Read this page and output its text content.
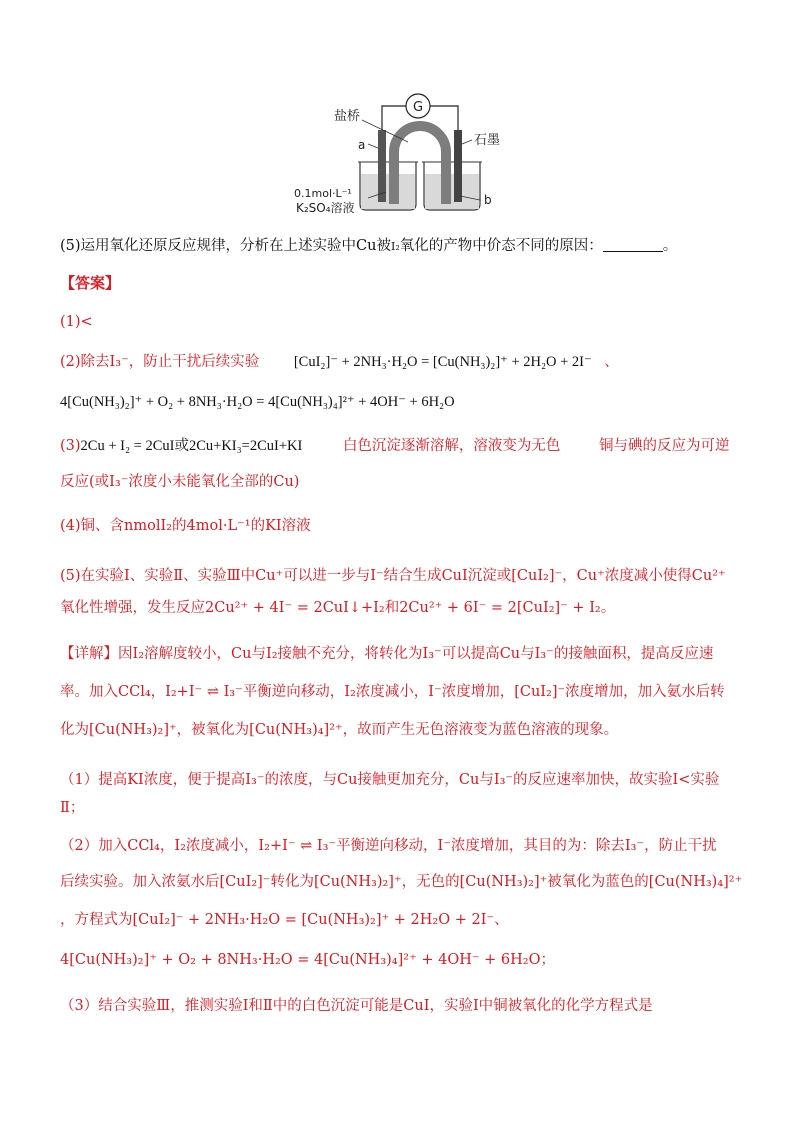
G
盐桥
a	石墨
0.1mol·L⁻¹
K₂SO₄溶液
b
(5)运用氧化还原反应规律，分析在上述实验中Cu被I₂氧化的产物中价态不同的原因：	。
【答案】
(1)<
(2)除去I₃⁻，防止干扰后续实验 [CuI₂]⁻ + 2NH₃·H₂O = [Cu(NH₃)₂]⁺ + 2H₂O + 2I⁻ 、
4[Cu(NH₃)₂]⁺ + O₂ + 8NH₃·H₂O = 4[Cu(NH₃)₄]²⁺ + 4OH⁻ + 6H₂O
(3)2Cu + I₂ = 2CuI或2Cu+KI₃=2CuI+KI	白色沉淀逐渐溶解，溶液变为无色	铜与碘的反应为可逆
反应(或I₃⁻浓度小未能氧化全部的Cu)
(4)铜、含nmolI₂的4mol·L⁻¹的KI溶液
(5)在实验Ⅰ、实验Ⅱ、实验Ⅲ中Cu⁺可以进一步与I⁻结合生成CuI沉淀或[CuI₂]⁻，Cu⁺浓度减小使得Cu²⁺
氧化性增强，发生反应2Cu²⁺ + 4I⁻ = 2CuI↓+I₂和2Cu²⁺ + 6I⁻ = 2[CuI₂]⁻ + I₂。
【详解】因I₂溶解度较小，Cu与I₂接触不充分，将转化为I₃⁻可以提高Cu与I₃⁻的接触面积，提高反应速
率。加入CCl₄，I₂+I⁻ ⇌ I₃⁻平衡逆向移动，I₂浓度减小，I⁻浓度增加，[CuI₂]⁻浓度增加，加入氨水后转
化为[Cu(NH₃)₂]⁺，被氧化为[Cu(NH₃)₄]²⁺，故而产生无色溶液变为蓝色溶液的现象。
（1）提高KI浓度，便于提高I₃⁻的浓度，与Cu接触更加充分，Cu与I₃⁻的反应速率加快，故实验Ⅰ<实验
Ⅱ；
（2）加入CCl₄，I₂浓度减小，I₂+I⁻ ⇌ I₃⁻平衡逆向移动，I⁻浓度增加，其目的为：除去I₃⁻，防止干扰
后续实验。加入浓氨水后[CuI₂]⁻转化为[Cu(NH₃)₂]⁺，无色的[Cu(NH₃)₂]⁺被氧化为蓝色的[Cu(NH₃)₄]²⁺
，方程式为[CuI₂]⁻ + 2NH₃·H₂O = [Cu(NH₃)₂]⁺ + 2H₂O + 2I⁻、
4[Cu(NH₃)₂]⁺ + O₂ + 8NH₃·H₂O = 4[Cu(NH₃)₄]²⁺ + 4OH⁻ + 6H₂O；
（3）结合实验Ⅲ，推测实验Ⅰ和Ⅱ中的白色沉淀可能是CuI，实验Ⅰ中铜被氧化的化学方程式是
